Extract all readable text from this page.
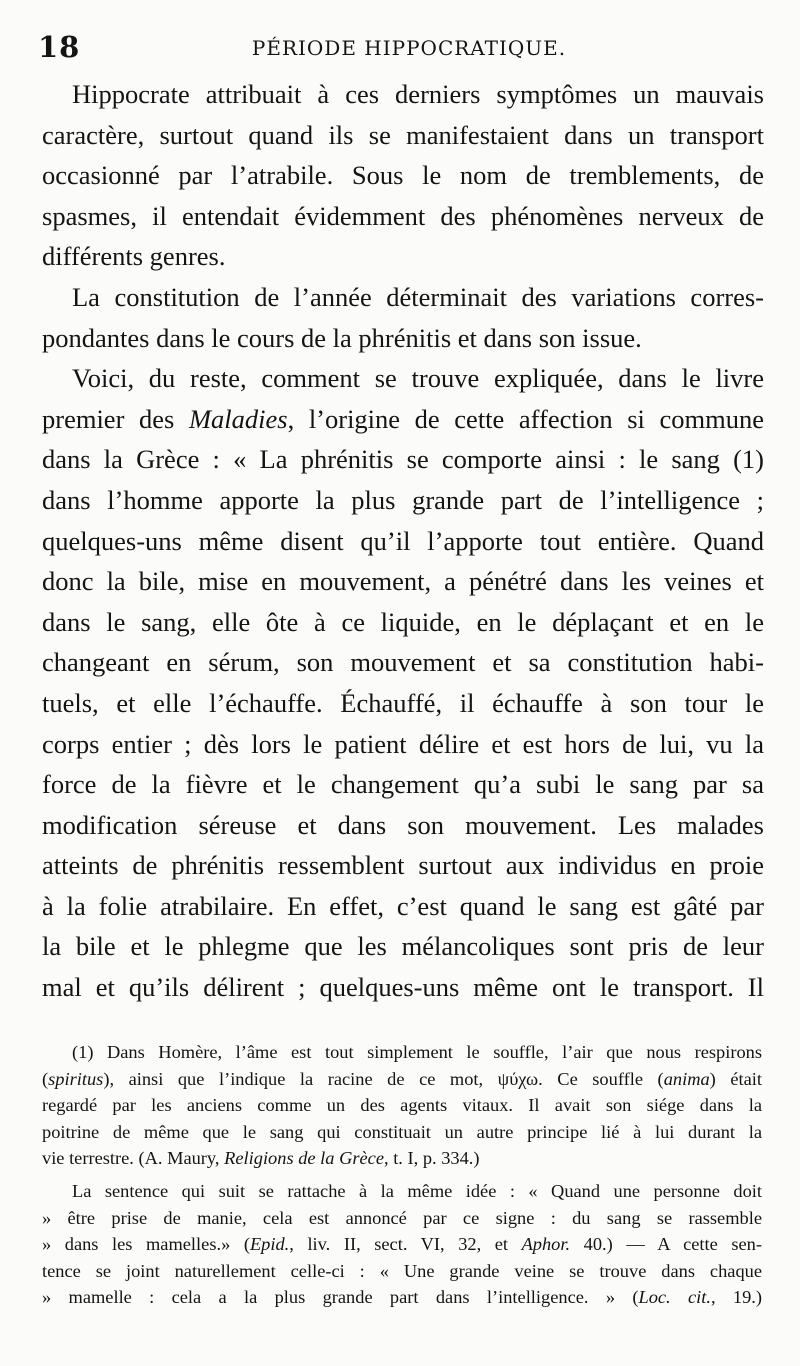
18	PÉRIODE HIPPOCRATIQUE.

Hippocrate attribuait à ces derniers symptômes un mauvais
caractère, surtout quand ils se manifestaient dans un transport
occasionné par l’atrabile. Sous le nom de tremblements, de
spasmes, il entendait évidemment des phénomènes nerveux de
différents genres.

La constitution de l’année déterminait des variations corres-
pondantes dans le cours de la phrénitis et dans son issue.

Voici, du reste, comment se trouve expliquée, dans le livre
premier des Maladies, l’origine de cette affection si commune
dans la Grèce : « La phrénitis se comporte ainsi : le sang (1)
dans l’homme apporte la plus grande part de l’intelligence ;
quelques-uns même disent qu’il l’apporte tout entière. Quand
donc la bile, mise en mouvement, a pénétré dans les veines et
dans le sang, elle ôte à ce liquide, en le déplaçant et en le
changeant en sérum, son mouvement et sa constitution habi-
tuels, et elle l’échauffe. Échauffé, il échauffe à son tour le
corps entier ; dès lors le patient délire et est hors de lui, vu la
force de la fièvre et le changement qu’a subi le sang par sa
modification séreuse et dans son mouvement. Les malades
atteints de phrénitis ressemblent surtout aux individus en proie
à la folie atrabilaire. En effet, c’est quand le sang est gâté par
la bile et le phlegme que les mélancoliques sont pris de leur
mal et qu’ils délirent ; quelques-uns même ont le transport. Il

(1) Dans Homère, l’âme est tout simplement le souffle, l’air que nous respirons
(spiritus), ainsi que l’indique la racine de ce mot, ψύχω. Ce souffle (anima) était
regardé par les anciens comme un des agents vitaux. Il avait son siége dans la
poitrine de même que le sang qui constituait un autre principe lié à lui durant la
vie terrestre. (A. Maury, Religions de la Grèce, t. I, p. 334.)

La sentence qui suit se rattache à la même idée : « Quand une personne doit
» être prise de manie, cela est annoncé par ce signe : du sang se rassemble
» dans les mamelles.» (Epid., liv. II, sect. VI, 32, et Aphor. 40.) — A cette sen-
tence se joint naturellement celle-ci : « Une grande veine se trouve dans chaque
» mamelle : cela a la plus grande part dans l’intelligence. » (Loc. cit., 19.)
